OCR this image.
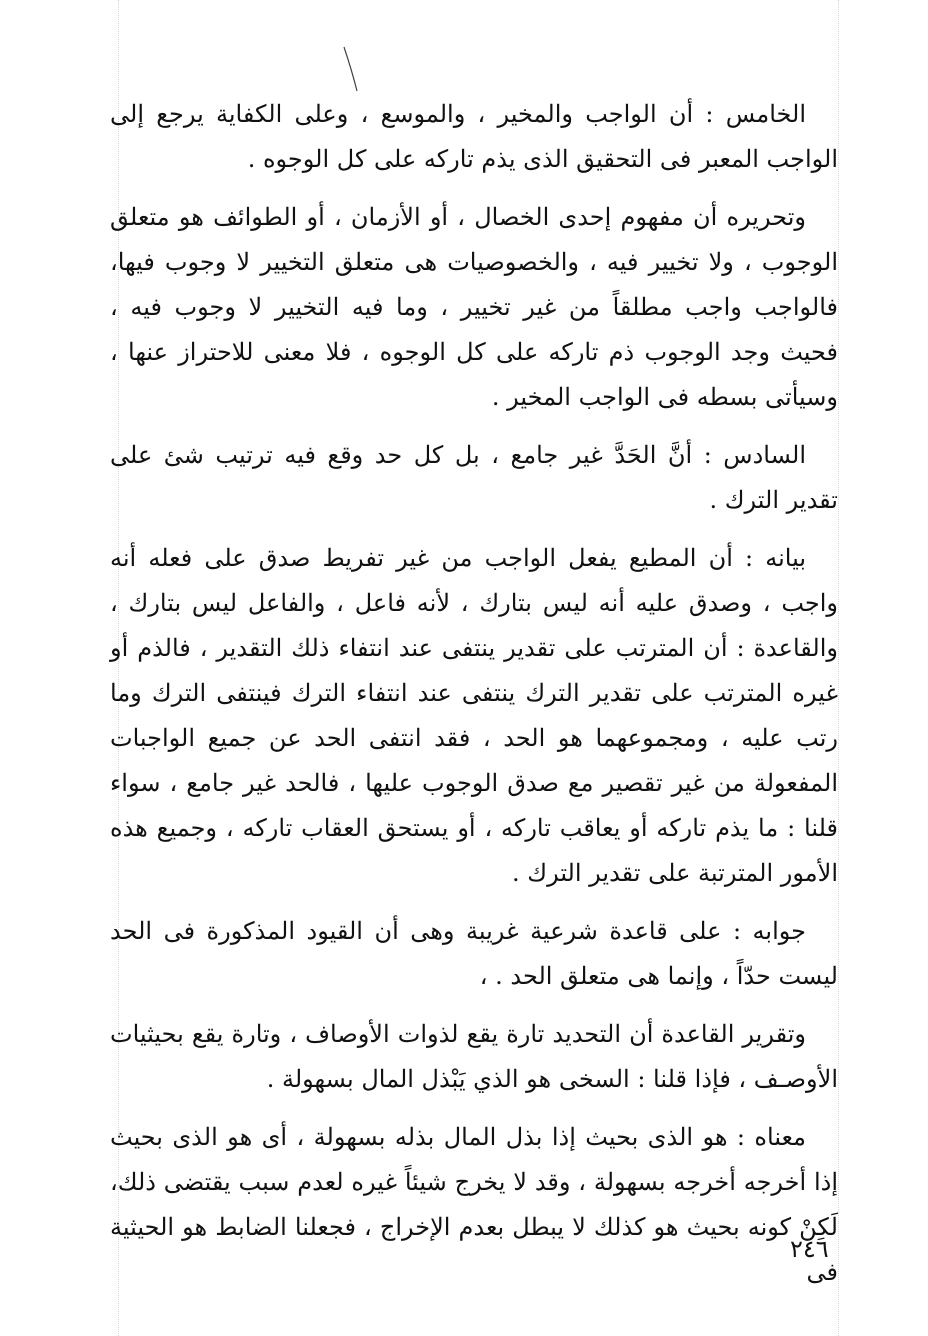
الخامس : أن الواجب والمخير ، والموسع ، وعلى الكفاية يرجع إلى الواجب المعبر فى التحقيق الذى يذم تاركه على كل الوجوه .

وتحريره أن مفهوم إحدى الخصال ، أو الأزمان ، أو الطوائف هو متعلق الوجوب ، ولا تخيير فيه ، والخصوصيات هى متعلق التخيير لا وجوب فيها، فالواجب واجب مطلقاً من غير تخيير ، وما فيه التخيير لا وجوب فيه ، فحيث وجد الوجوب ذم تاركه على كل الوجوه ، فلا معنى للاحتراز عنها ، وسيأتى بسطه فى الواجب المخير .

السادس : أنَّ الحَدَّ غير جامع ، بل كل حد وقع فيه ترتيب شئ على تقدير الترك .

بيانه : أن المطيع يفعل الواجب من غير تفريط صدق على فعله أنه واجب ، وصدق عليه أنه ليس بتارك ، لأنه فاعل ، والفاعل ليس بتارك ، والقاعدة : أن المترتب على تقدير ينتفى عند انتفاء ذلك التقدير ، فالذم أو غيره المترتب على تقدير الترك ينتفى عند انتفاء الترك فينتفى الترك وما رتب عليه ، ومجموعهما هو الحد ، فقد انتفى الحد عن جميع الواجبات المفعولة من غير تقصير مع صدق الوجوب عليها ، فالحد غير جامع ، سواء قلنا : ما يذم تاركه أو يعاقب تاركه ، أو يستحق العقاب تاركه ، وجميع هذه الأمور المترتبة على تقدير الترك .

جوابه : على قاعدة شرعية غريبة وهى أن القيود المذكورة فى الحد ليست حدّاً ، وإنما هى متعلق الحد . ،

وتقرير القاعدة أن التحديد تارة يقع لذوات الأوصاف ، وتارة يقع بحيثيات الأوصـف ، فإذا قلنا : السخى هو الذي يَبْذل المال بسهولة .

معناه : هو الذى بحيث إذا بذل المال بذله بسهولة ، أى هو الذى بحيث إذا أخرجه أخرجه بسهولة ، وقد لا يخرج شيئاً غيره لعدم سبب يقتضى ذلك، لَكِنْ كونه بحيث هو كذلك لا يبطل بعدم الإخراج ، فجعلنا الضابط هو الحيثية فى

٢٤٦
